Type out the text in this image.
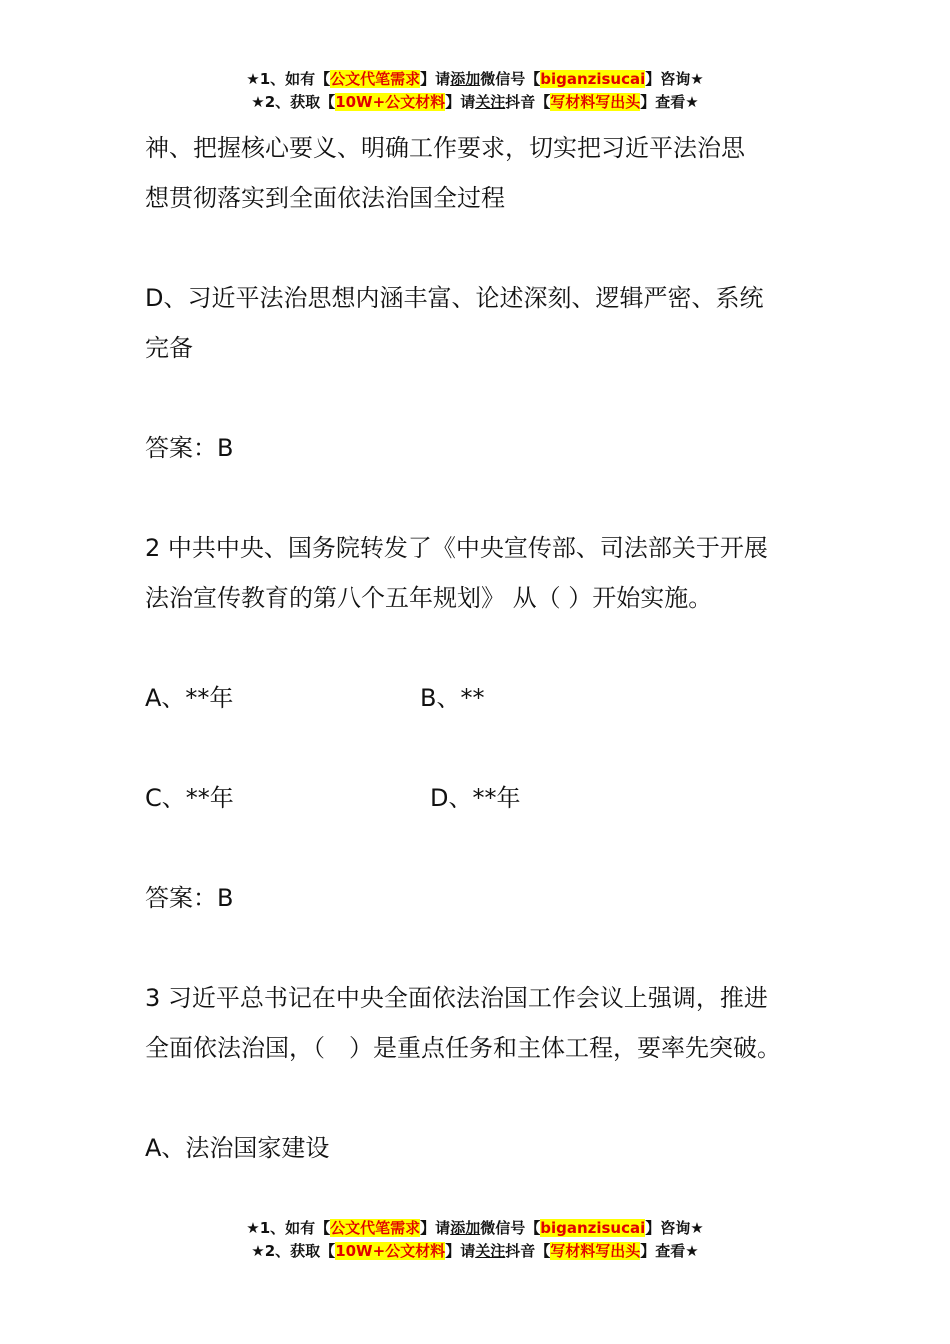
★1、如有【公文代笔需求】请添加微信号【biganzisucai】咨询★
★2、获取【10W+公文材料】请关注抖音【写材料写出头】查看★

神、把握核心要义、明确工作要求，切实把习近平法治思

想贯彻落实到全面依法治国全过程

D、习近平法治思想内涵丰富、论述深刻、逻辑严密、系统

完备

答案：B

2 中共中央、国务院转发了《中央宣传部、司法部关于开展

法治宣传教育的第八个五年规划》 从（ ）开始实施。

A、**年	B、**
C、**年	D、**年

答案：B

3 习近平总书记在中央全面依法治国工作会议上强调，推进

全面依法治国，（　）是重点任务和主体工程，要率先突破。

A、法治国家建设

★1、如有【公文代笔需求】请添加微信号【biganzisucai】咨询★
★2、获取【10W+公文材料】请关注抖音【写材料写出头】查看★
